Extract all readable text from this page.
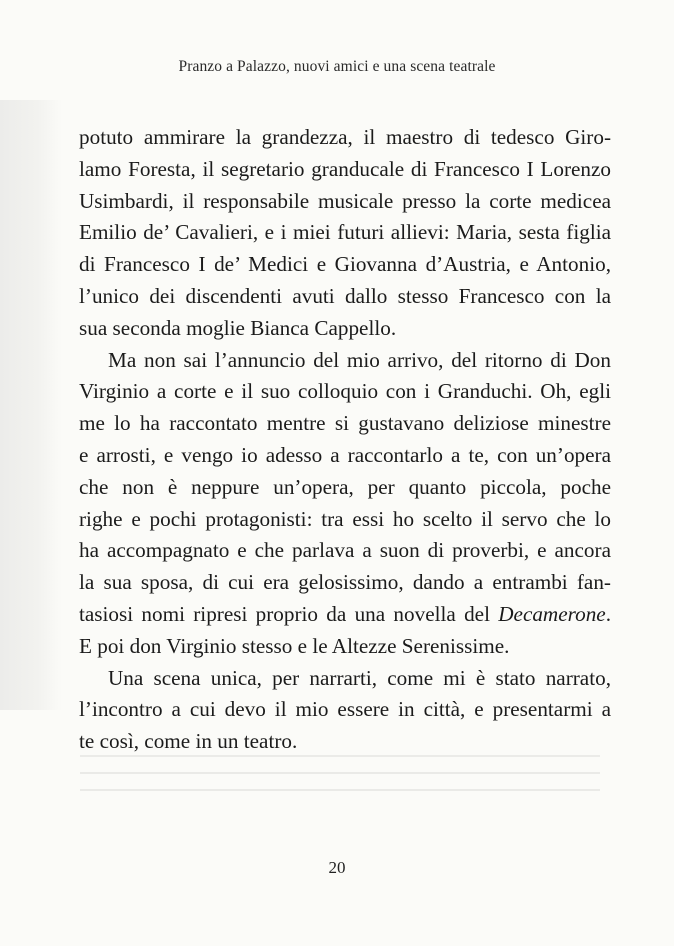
Pranzo a Palazzo, nuovi amici e una scena teatrale
potuto ammirare la grandezza, il maestro di tedesco Giro-
lamo Foresta, il segretario granducale di Francesco I Lorenzo
Usimbardi, il responsabile musicale presso la corte medicea
Emilio de’ Cavalieri, e i miei futuri allievi: Maria, sesta figlia
di Francesco I de’ Medici e Giovanna d’Austria, e Antonio,
l’unico dei discendenti avuti dallo stesso Francesco con la
sua seconda moglie Bianca Cappello.
Ma non sai l’annuncio del mio arrivo, del ritorno di Don
Virginio a corte e il suo colloquio con i Granduchi. Oh, egli
me lo ha raccontato mentre si gustavano deliziose minestre
e arrosti, e vengo io adesso a raccontarlo a te, con un’opera
che non è neppure un’opera, per quanto piccola, poche
righe e pochi protagonisti: tra essi ho scelto il servo che lo
ha accompagnato e che parlava a suon di proverbi, e ancora
la sua sposa, di cui era gelosissimo, dando a entrambi fan-
tasiosi nomi ripresi proprio da una novella del Decamerone.
E poi don Virginio stesso e le Altezze Serenissime.
Una scena unica, per narrarti, come mi è stato narrato,
l’incontro a cui devo il mio essere in città, e presentarmi a
te così, come in un teatro.
20
